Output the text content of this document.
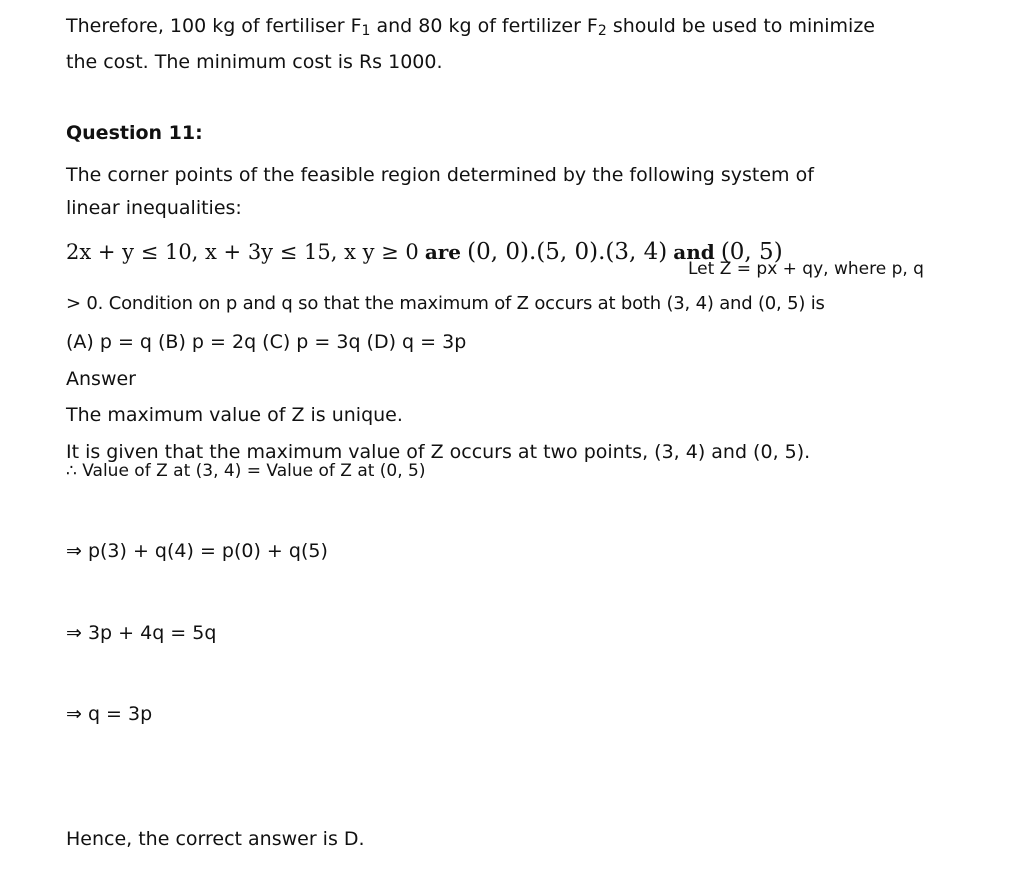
Therefore, 100 kg of fertiliser $F_1$ and 80 kg of fertilizer $F_2$ should be used to minimize
the cost. The minimum cost is Rs 1000.
Question 11:
The corner points of the feasible region determined by the following system of
linear inequalities:
2x + y ≤ 10, x + 3y ≤ 15, x y ≥ 0 are (0, 0).(5, 0).(3, 4) and (0, 5)
Let Z = px + qy, where p, q
> 0. Condition on p and q so that the maximum of Z occurs at both (3, 4) and (0, 5) is
(A) p = q (B) p = 2q (C) p = 3q (D) q = 3p
Answer
The maximum value of Z is unique.
It is given that the maximum value of Z occurs at two points, (3, 4) and (0, 5).
∴ Value of Z at (3, 4) = Value of Z at (0, 5)
⇒ p(3) + q(4) = p(0) + q(5)
⇒ 3p + 4q = 5q
⇒ q = 3p
Hence, the correct answer is D.
